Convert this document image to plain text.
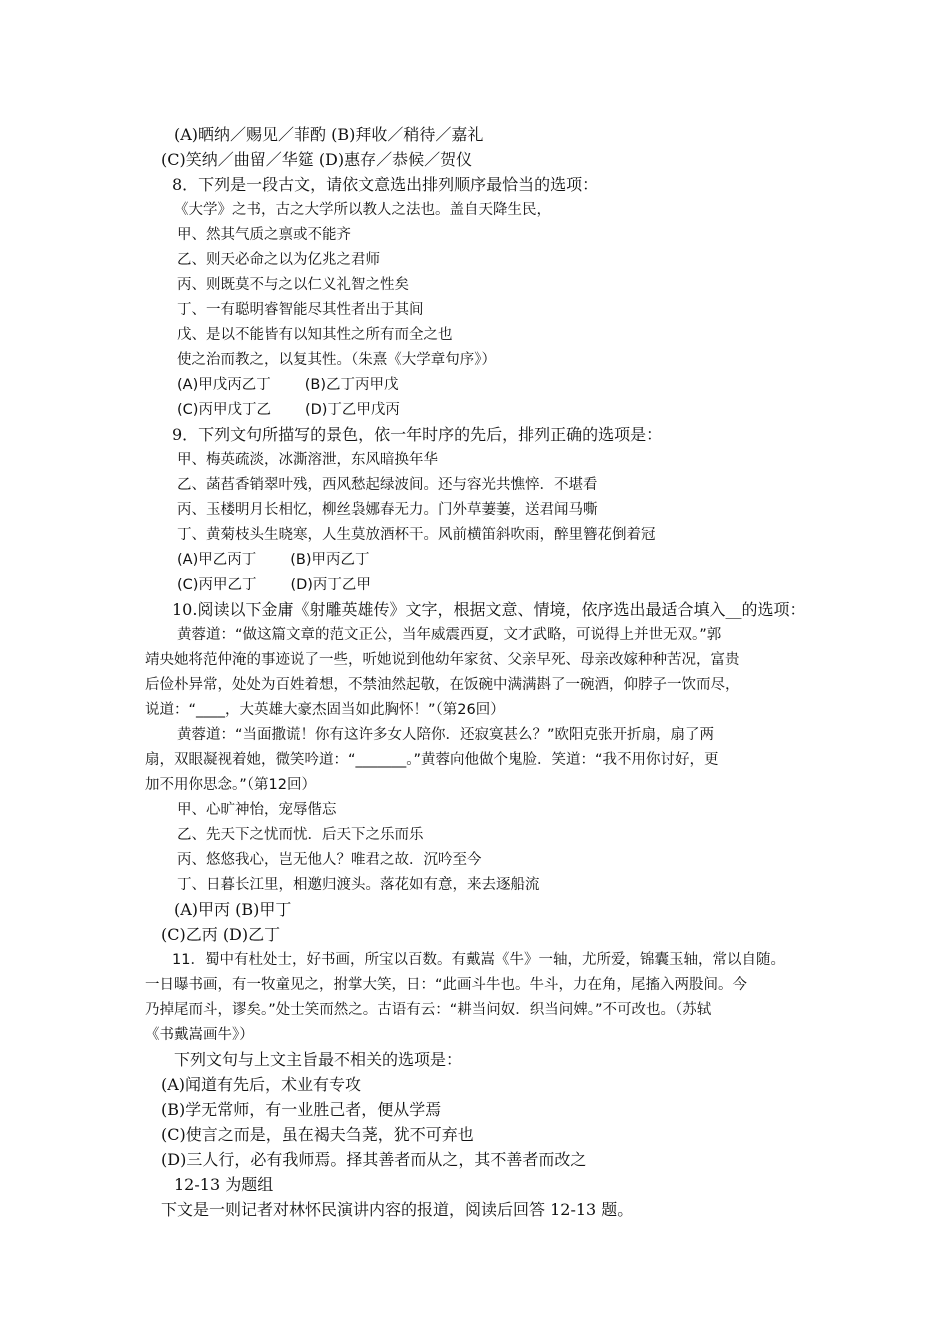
(A)晒纳／赐见／菲酌 (B)拜收／稍待／嘉礼
(C)笑纳／曲留／华筵 (D)惠存／恭候／贺仪
8．下列是一段古文，请依文意选出排列顺序最恰当的选项：
《大学》之书，古之大学所以教人之法也。盖自天降生民，
甲、然其气质之禀或不能齐
乙、则天必命之以为亿兆之君师
丙、则既莫不与之以仁义礼智之性矣
丁、一有聪明睿智能尽其性者出于其间
戊、是以不能皆有以知其性之所有而全之也
使之治而教之，以复其性。（朱熹《大学章句序》）
(A)甲戊丙乙丁 (B)乙丁丙甲戊
(C)丙甲戊丁乙 (D)丁乙甲戊丙
9．下列文句所描写的景色，依一年时序的先后，排列正确的选项是：
甲、梅英疏淡，冰澌溶泄，东风暗换年华
乙、菡萏香销翠叶残，西风愁起绿波间。还与容光共憔悴．不堪看
丙、玉楼明月长相忆，柳丝袅娜春无力。门外草萋萋，送君闻马嘶
丁、黄菊枝头生晓寒，人生莫放酒杯干。风前横笛斜吹雨，醉里簪花倒着冠
(A)甲乙丙丁 (B)甲丙乙丁
(C)丙甲乙丁 (D)丙丁乙甲
10.阅读以下金庸《射雕英雄传》文字，根据文意、情境，依序选出最适合填入__的选项：
黄蓉道：“做这篇文章的范文正公，当年威震西夏，文才武略，可说得上并世无双。”郭
靖央她将范仲淹的事迹说了一些，听她说到他幼年家贫、父亲早死、母亲改嫁种种苦况，富贵
后俭朴异常，处处为百姓着想，不禁油然起敬，在饭碗中满满斟了一碗酒，仰脖子一饮而尽，
说道：“____，大英雄大豪杰固当如此胸怀！”（第26回）
黄蓉道：“当面撒谎！你有这许多女人陪你．还寂寞甚么？”欧阳克张开折扇，扇了两
扇，双眼凝视着她，微笑吟道：“_______。”黄蓉向他做个鬼脸．笑道：“我不用你讨好，更
加不用你思念。”（第12回）
甲、心旷神怡，宠辱偕忘
乙、先天下之忧而忧．后天下之乐而乐
丙、悠悠我心，岂无他人？唯君之故．沉吟至今
丁、日暮长江里，相邀归渡头。落花如有意，来去逐船流
(A)甲丙 (B)甲丁
(C)乙丙 (D)乙丁
11．蜀中有杜处士，好书画，所宝以百数。有戴嵩《牛》一轴，尤所爱，锦囊玉轴，常以自随。
一日曝书画，有一牧童见之，拊掌大笑，日：“此画斗牛也。牛斗，力在角，尾搐入两股间。今
乃掉尾而斗，谬矣。”处士笑而然之。古语有云：“耕当问奴．织当问婢。”不可改也。（苏轼
《书戴嵩画牛》）
下列文句与上文主旨最不相关的选项是：
(A)闻道有先后，术业有专攻
(B)学无常师，有一业胜己者，便从学焉
(C)使言之而是，虽在褐夫刍荛，犹不可弃也
(D)三人行，必有我师焉。择其善者而从之，其不善者而改之
12-13 为题组
下文是一则记者对林怀民演讲内容的报道，阅读后回答 12-13 题。
